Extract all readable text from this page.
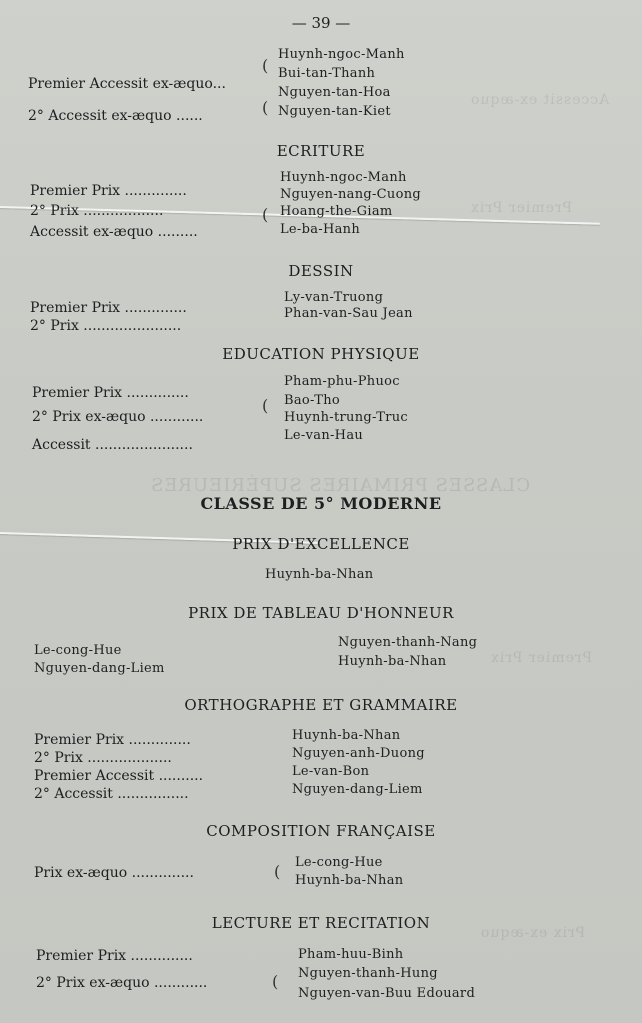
Accessit ex-æquo
Premier Prix
CLASSES PRIMAIRES SUPÉRIEURES
Premier Prix
Prix ex-æquo
— 39 —
Premier Accessit ex-æquo...
2° Accessit ex-æquo ......
(
(
Huynh-ngoc-Manh
Bui-tan-Thanh
Nguyen-tan-Hoa
Nguyen-tan-Kiet
ECRITURE
Premier Prix ..............
2° Prix ..................
Accessit ex-æquo .........
(
Huynh-ngoc-Manh
Nguyen-nang-Cuong
Hoang-the-Giam
Le-ba-Hanh
DESSIN
Premier Prix ..............
2° Prix ......................
Ly-van-Truong
Phan-van-Sau Jean
EDUCATION PHYSIQUE
Premier Prix ..............
2° Prix ex-æquo ............
Accessit ......................
(
Pham-phu-Phuoc
Bao-Tho
Huynh-trung-Truc
Le-van-Hau
CLASSE DE 5° MODERNE
PRIX D'EXCELLENCE
Huynh-ba-Nhan
PRIX DE TABLEAU D'HONNEUR
Le-cong-Hue
Nguyen-dang-Liem
Nguyen-thanh-Nang
Huynh-ba-Nhan
ORTHOGRAPHE ET GRAMMAIRE
Premier Prix ..............
2° Prix ...................
Premier Accessit ..........
2° Accessit ................
Huynh-ba-Nhan
Nguyen-anh-Duong
Le-van-Bon
Nguyen-dang-Liem
COMPOSITION FRANÇAISE
Prix ex-æquo ..............	( Le-cong-Hue
Huynh-ba-Nhan
LECTURE ET RECITATION
Premier Prix ..............
2° Prix ex-æquo ............	(
Pham-huu-Binh
Nguyen-thanh-Hung
Nguyen-van-Buu Edouard
